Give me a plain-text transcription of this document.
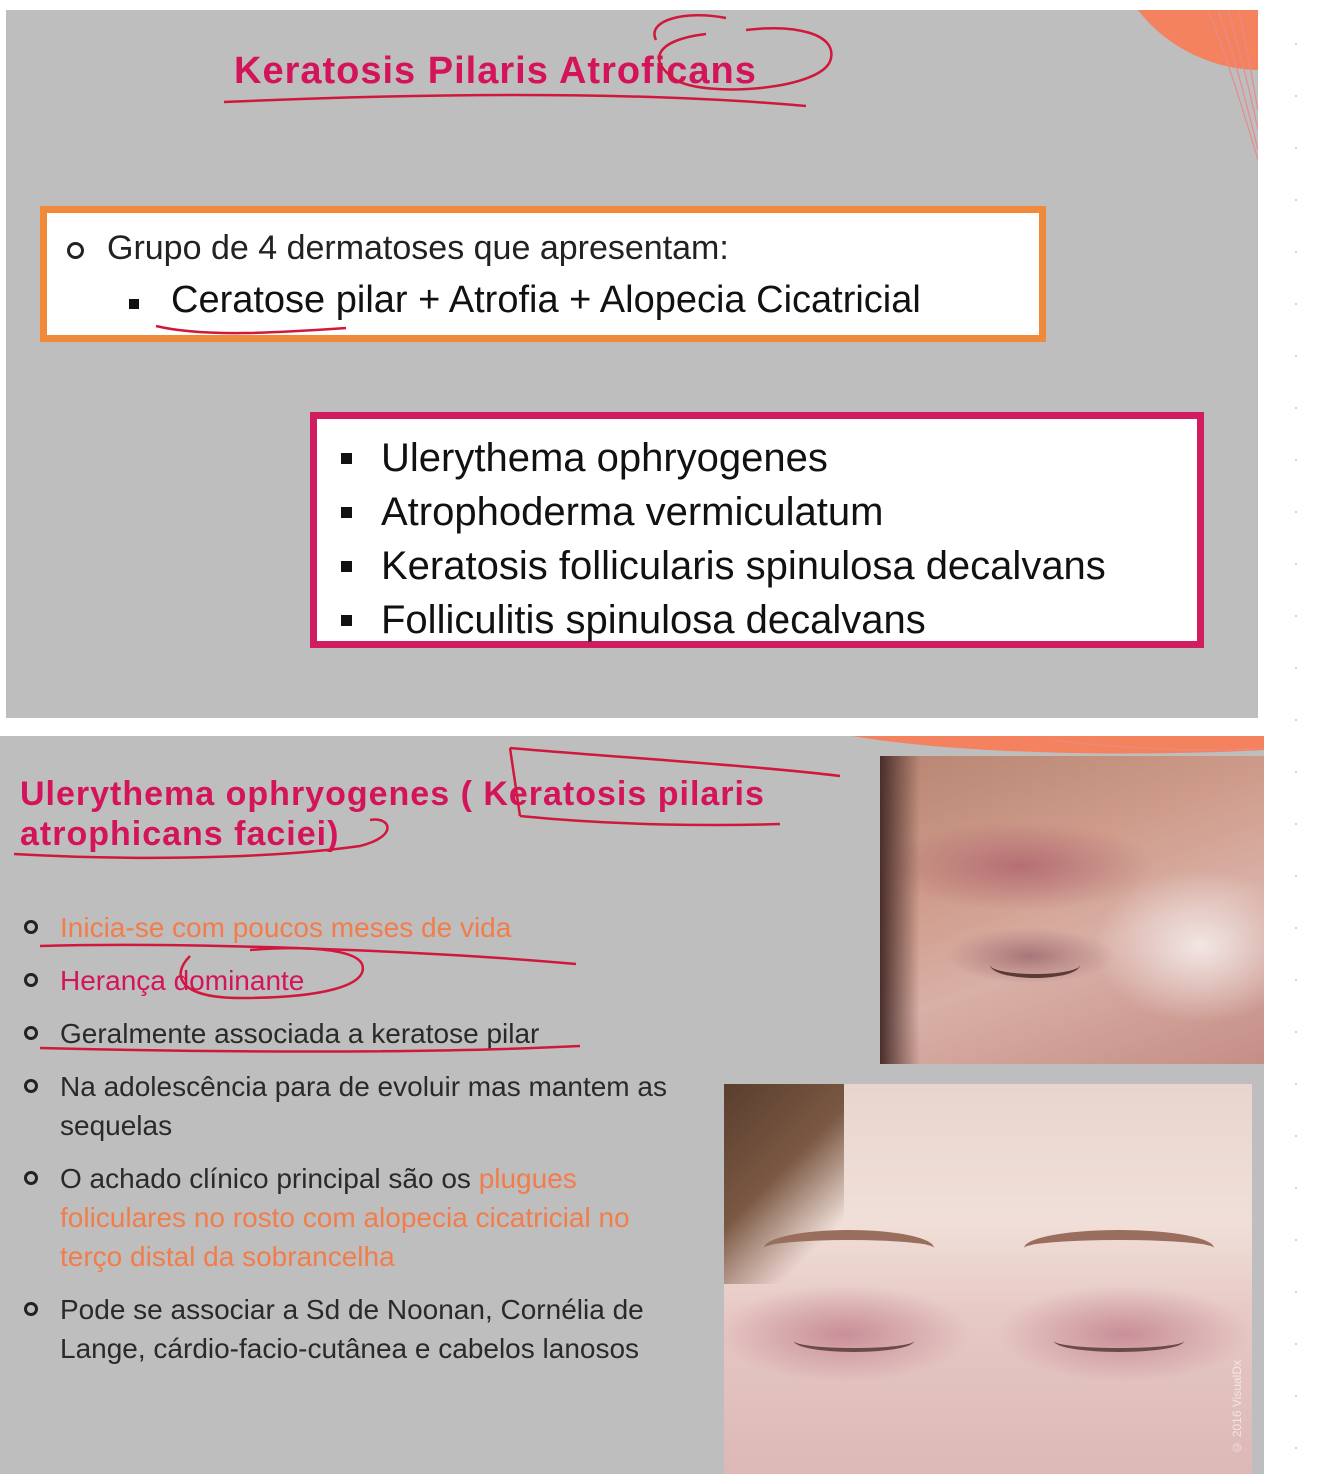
Keratosis Pilaris Atroficans
Grupo de 4 dermatoses que apresentam:
Ceratose pilar + Atrofia + Alopecia Cicatricial
Ulerythema ophryogenes
Atrophoderma vermiculatum
Keratosis follicularis spinulosa decalvans
Folliculitis spinulosa decalvans
Ulerythema ophryogenes ( Keratosis pilaris atrophicans faciei)
Inicia-se com poucos meses de vida
Herança dominante
Geralmente associada a keratose pilar
Na adolescência para de evoluir mas mantem as sequelas
O achado clínico principal são os plugues foliculares no rosto com alopecia cicatricial no terço distal da sobrancelha
Pode se associar a Sd de Noonan, Cornélia de Lange, cárdio-facio-cutânea e cabelos lanosos
© 2016 VisualDx
